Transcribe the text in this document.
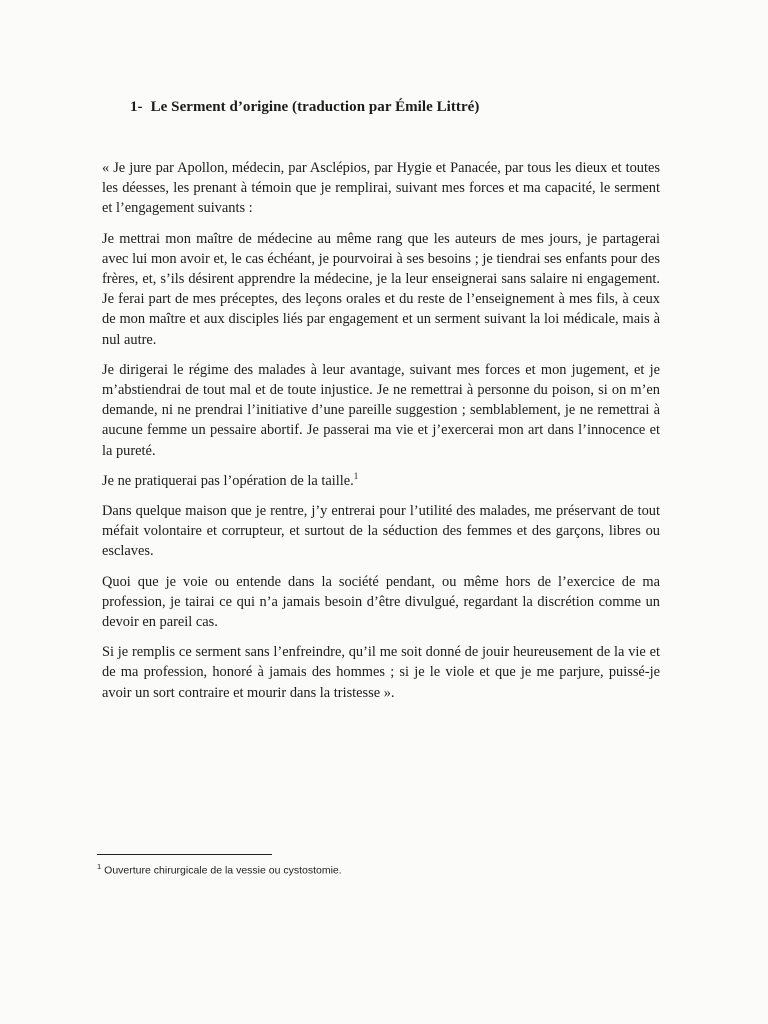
1- Le Serment d’origine (traduction par Émile Littré)

« Je jure par Apollon, médecin, par Asclépios, par Hygie et Panacée, par tous les dieux et toutes les déesses, les prenant à témoin que je remplirai, suivant mes forces et ma capacité, le serment et l’engagement suivants :

Je mettrai mon maître de médecine au même rang que les auteurs de mes jours, je partagerai avec lui mon avoir et, le cas échéant, je pourvoirai à ses besoins ; je tiendrai ses enfants pour des frères, et, s’ils désirent apprendre la médecine, je la leur enseignerai sans salaire ni engagement. Je ferai part de mes préceptes, des leçons orales et du reste de l’enseignement à mes fils, à ceux de mon maître et aux disciples liés par engagement et un serment suivant la loi médicale, mais à nul autre.

Je dirigerai le régime des malades à leur avantage, suivant mes forces et mon jugement, et je m’abstiendrai de tout mal et de toute injustice. Je ne remettrai à personne du poison, si on m’en demande, ni ne prendrai l’initiative d’une pareille suggestion ; semblablement, je ne remettrai à aucune femme un pessaire abortif. Je passerai ma vie et j’exercerai mon art dans l’innocence et la pureté.

Je ne pratiquerai pas l’opération de la taille.$^1$

Dans quelque maison que je rentre, j’y entrerai pour l’utilité des malades, me préservant de tout méfait volontaire et corrupteur, et surtout de la séduction des femmes et des garçons, libres ou esclaves.

Quoi que je voie ou entende dans la société pendant, ou même hors de l’exercice de ma profession, je tairai ce qui n’a jamais besoin d’être divulgué, regardant la discrétion comme un devoir en pareil cas.

Si je remplis ce serment sans l’enfreindre, qu’il me soit donné de jouir heureusement de la vie et de ma profession, honoré à jamais des hommes ; si je le viole et que je me parjure, puissé-je avoir un sort contraire et mourir dans la tristesse ».

$^1$ Ouverture chirurgicale de la vessie ou cystostomie.
